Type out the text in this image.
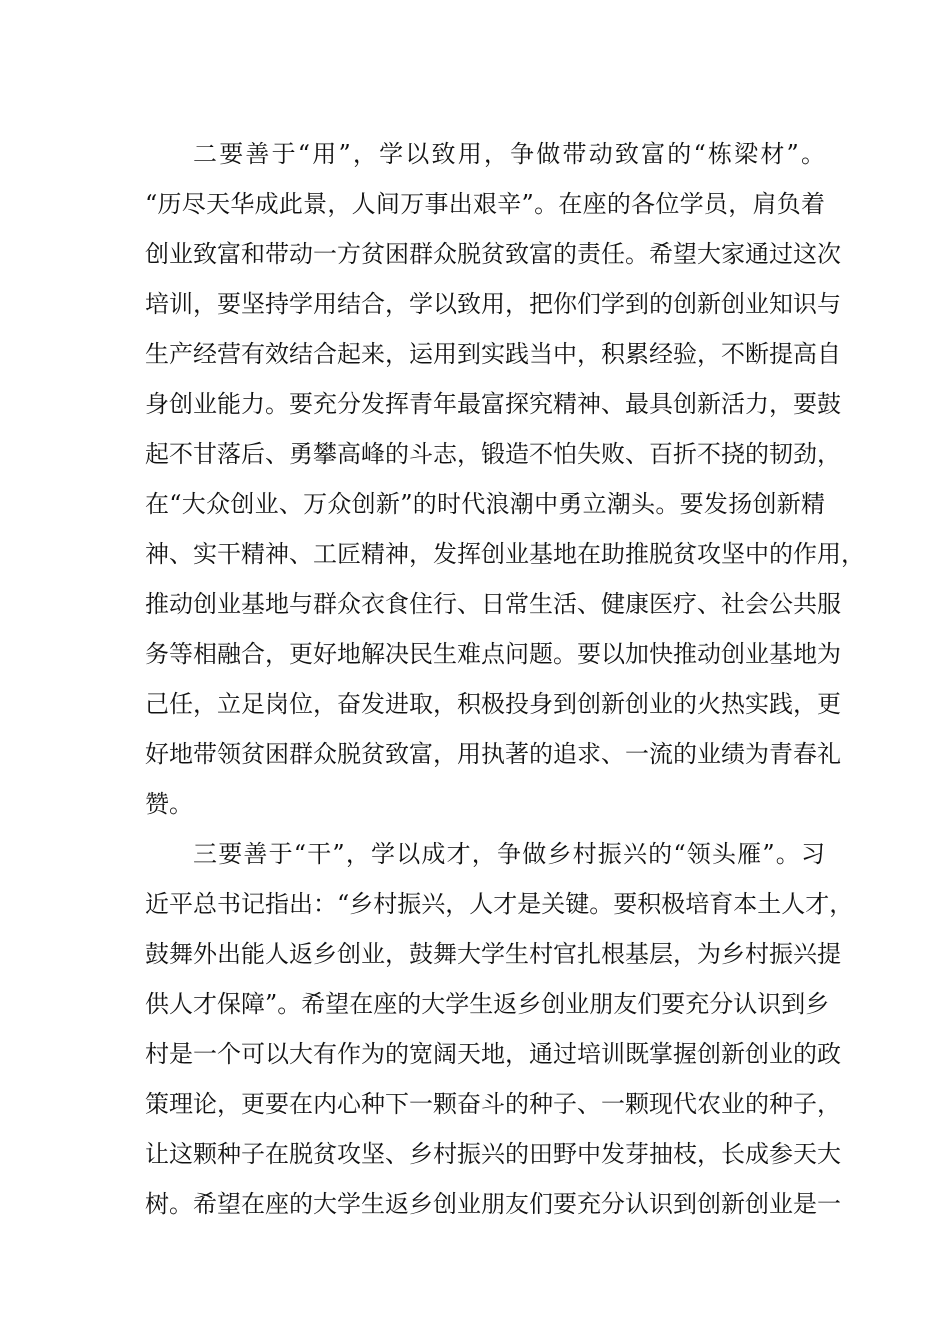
二要善于“用”，学以致用，争做带动致富的“栋梁材”。
“历尽天华成此景，人间万事出艰辛”。在座的各位学员，肩负着
创业致富和带动一方贫困群众脱贫致富的责任。希望大家通过这次
培训，要坚持学用结合，学以致用，把你们学到的创新创业知识与
生产经营有效结合起来，运用到实践当中，积累经验，不断提高自
身创业能力。要充分发挥青年最富探究精神、最具创新活力，要鼓
起不甘落后、勇攀高峰的斗志，锻造不怕失败、百折不挠的韧劲，
在“大众创业、万众创新”的时代浪潮中勇立潮头。要发扬创新精
神、实干精神、工匠精神，发挥创业基地在助推脱贫攻坚中的作用，
推动创业基地与群众衣食住行、日常生活、健康医疗、社会公共服
务等相融合，更好地解决民生难点问题。要以加快推动创业基地为
己任，立足岗位，奋发进取，积极投身到创新创业的火热实践，更
好地带领贫困群众脱贫致富，用执著的追求、一流的业绩为青春礼
赞。
三要善于“干”，学以成才，争做乡村振兴的“领头雁”。习
近平总书记指出：“乡村振兴，人才是关键。要积极培育本土人才，
鼓舞外出能人返乡创业，鼓舞大学生村官扎根基层，为乡村振兴提
供人才保障”。希望在座的大学生返乡创业朋友们要充分认识到乡
村是一个可以大有作为的宽阔天地，通过培训既掌握创新创业的政
策理论，更要在内心种下一颗奋斗的种子、一颗现代农业的种子，
让这颗种子在脱贫攻坚、乡村振兴的田野中发芽抽枝，长成参天大
树。希望在座的大学生返乡创业朋友们要充分认识到创新创业是一
